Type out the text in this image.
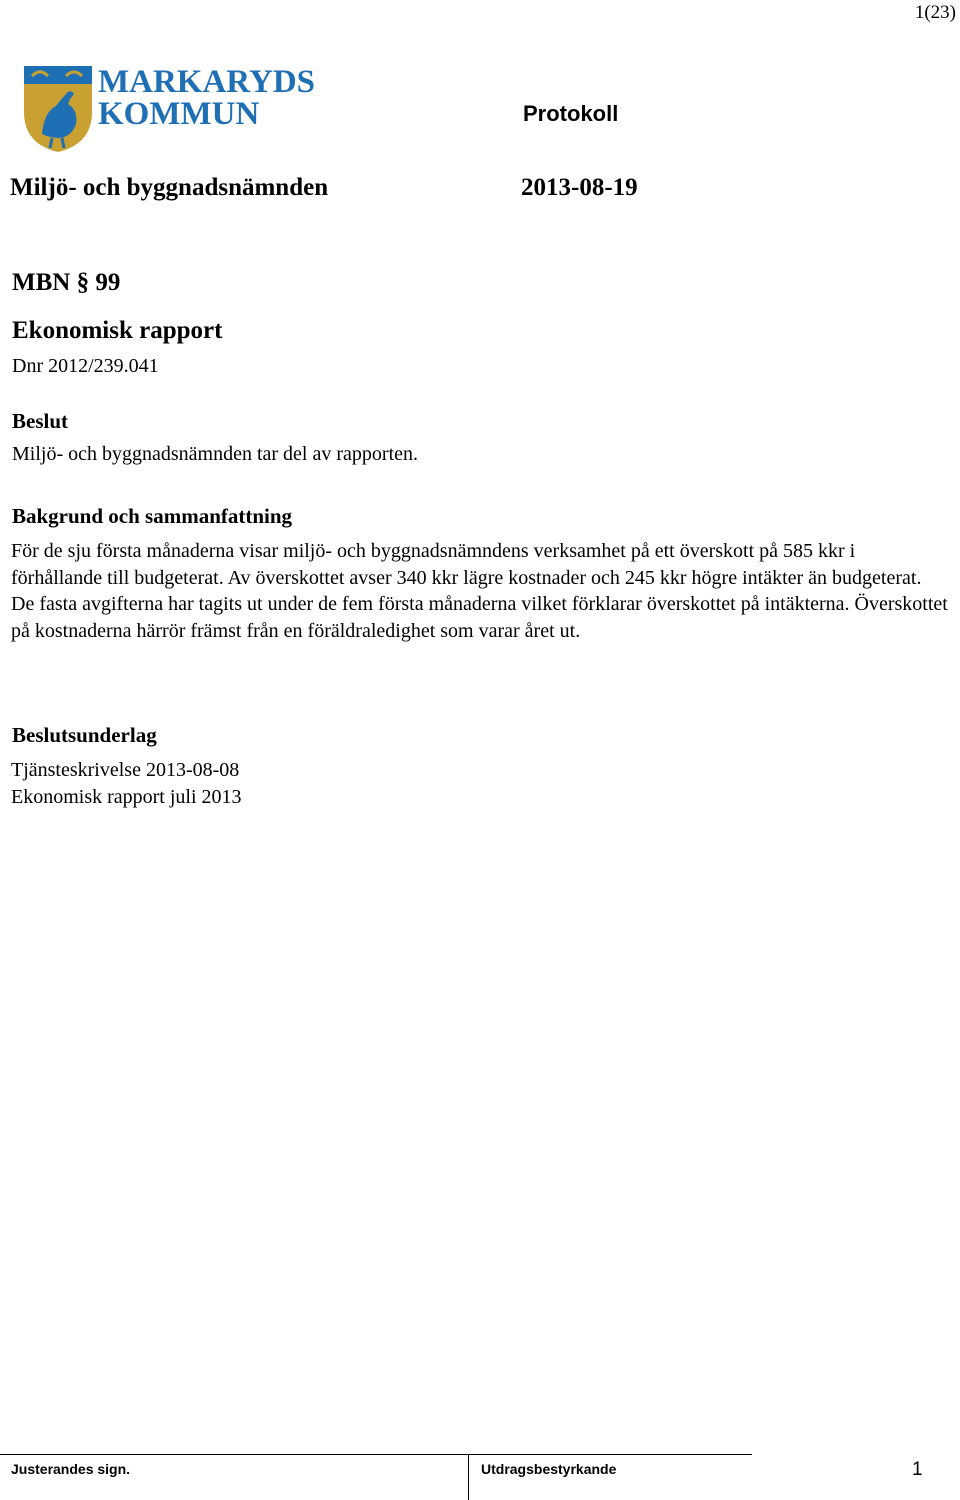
1(23)
MARKARYDS
KOMMUN	Protokoll
Miljö- och byggnadsnämnden	2013-08-19
MBN § 99
Ekonomisk rapport
Dnr 2012/239.041
Beslut
Miljö- och byggnadsnämnden tar del av rapporten.
Bakgrund och sammanfattning

För de sju första månaderna visar miljö- och byggnadsnämndens verksamhet på ett överskott på 585 kkr i förhållande till budgeterat. Av överskottet avser 340 kkr lägre kostnader och 245 kkr högre intäkter än budgeterat.

De fasta avgifterna har tagits ut under de fem första månaderna vilket förklarar överskottet på intäkterna. Överskottet på kostnaderna härrör främst från en föräldraledighet som varar året ut.

Beslutsunderlag
Tjänsteskrivelse 2013-08-08
Ekonomisk rapport juli 2013
Justerandes sign.	Utdragsbestyrkande	1
